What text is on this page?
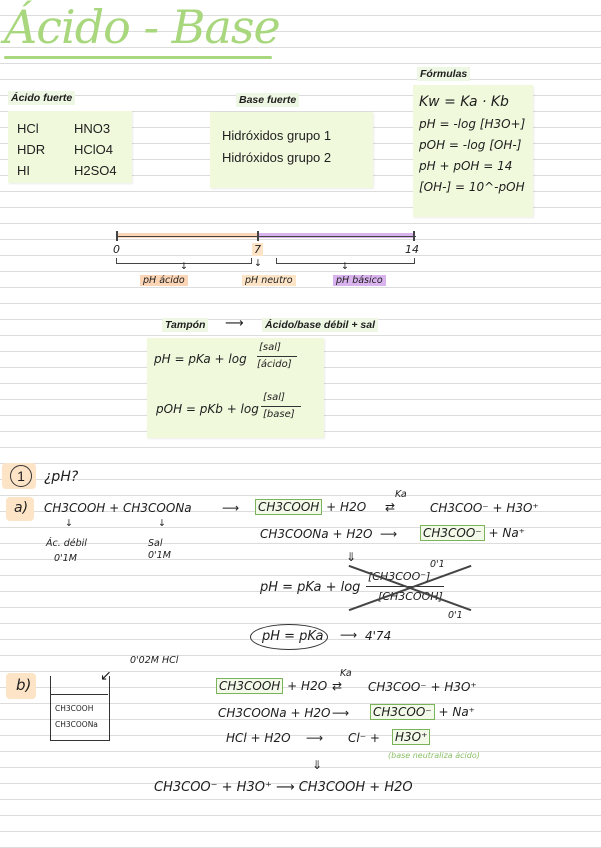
Ácido - Base
Ácido fuerte
HCl	HNO3
HDR HClO4
HI	H2SO4
Base fuerte
Hidróxidos grupo 1
Hidróxidos grupo 2
Fórmulas
Kw = Ka · Kb
pH = -log [H3O+]
pOH = -log [OH-]
pH + pOH = 14
[OH-] = 10^-pOH
0	7	14
↓	↓	↓
pH ácido	pH neutro	pH básico
Tampón ⟶ Ácido/base débil + sal
pH = pKa + log
[sal]
[ácido]
pOH = pKb + log
[sal]
[base]
1	¿pH?
a) CH3COOH + CH3COONa
↓	↓
Ác. débil
0'1M
Sal
0'1M
⟶ CH3COOH + H2O
Ka
⇄	CH3COO⁻ + H3O⁺
CH3COONa + H2O ⟶ CH3COO⁻ + Na⁺
⇓
pH = pKa + log
[CH3COO⁻]
[CH3COOH]
0'1
0'1
pH = pKa ⟶ 4'74
b)
0'02M HCl
↙
CH3COOH
CH3COONa
CH3COOH + H2O
Ka
⇄ CH3COO⁻ + H3O⁺
CH3COONa + H2O ⟶ CH3COO⁻ + Na⁺
HCl + H2O ⟶ Cl⁻ + H3O⁺
(base neutraliza ácido)
⇓
CH3COO⁻ + H3O⁺ ⟶ CH3COOH + H2O
